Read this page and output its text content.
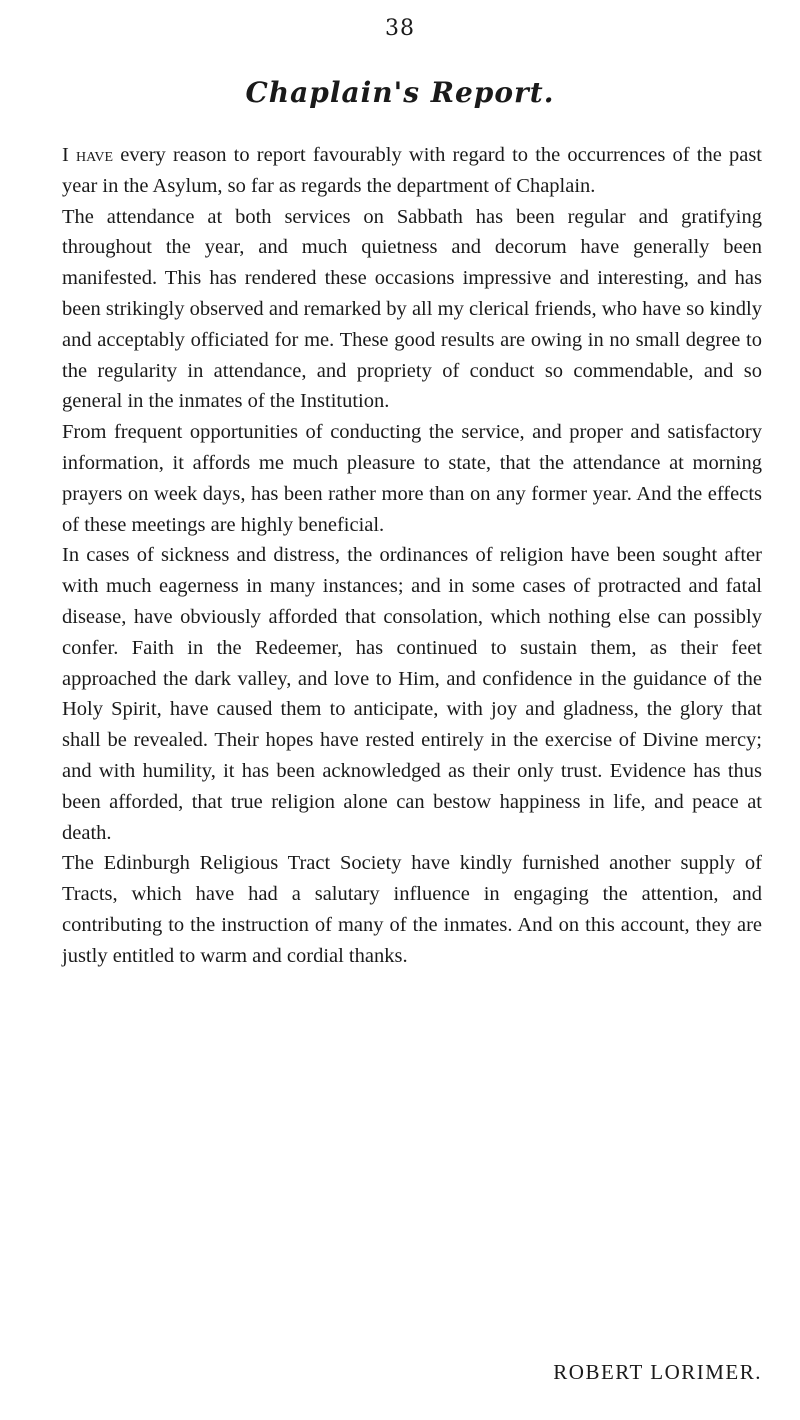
38
Chaplain's Report.

I have every reason to report favourably with regard to the occurrences of the past year in the Asylum, so far as regards the department of Chaplain.

The attendance at both services on Sabbath has been regular and gratifying throughout the year, and much quietness and decorum have generally been manifested. This has rendered these occasions impressive and interesting, and has been strikingly observed and remarked by all my clerical friends, who have so kindly and acceptably officiated for me. These good results are owing in no small degree to the regularity in attendance, and propriety of conduct so commendable, and so general in the inmates of the Institution.

From frequent opportunities of conducting the service, and proper and satisfactory information, it affords me much pleasure to state, that the attendance at morning prayers on week days, has been rather more than on any former year. And the effects of these meetings are highly beneficial.

In cases of sickness and distress, the ordinances of religion have been sought after with much eagerness in many instances; and in some cases of protracted and fatal disease, have obviously afforded that consolation, which nothing else can possibly confer. Faith in the Redeemer, has continued to sustain them, as their feet approached the dark valley, and love to Him, and confidence in the guidance of the Holy Spirit, have caused them to anticipate, with joy and gladness, the glory that shall be revealed. Their hopes have rested entirely in the exercise of Divine mercy; and with humility, it has been acknowledged as their only trust. Evidence has thus been afforded, that true religion alone can bestow happiness in life, and peace at death.

The Edinburgh Religious Tract Society have kindly furnished another supply of Tracts, which have had a salutary influence in engaging the attention, and contributing to the instruction of many of the inmates. And on this account, they are justly entitled to warm and cordial thanks.

ROBERT LORIMER.
